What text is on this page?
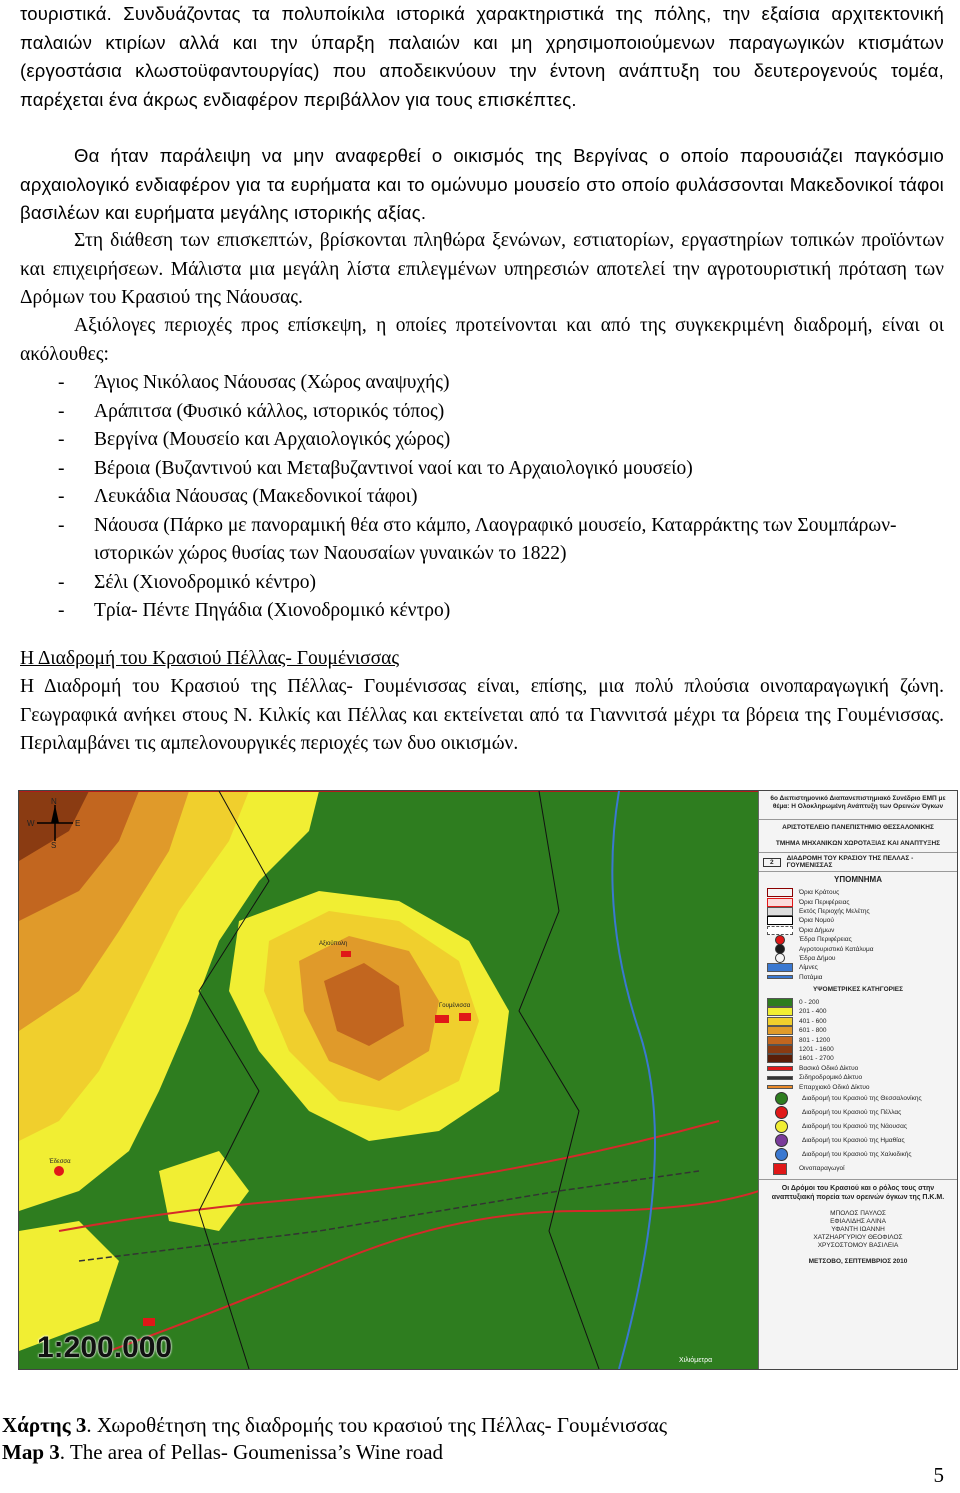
τουριστικά. Συνδυάζοντας τα πολυποίκιλα ιστορικά χαρακτηριστικά της πόλης, την εξαίσια αρχιτεκτονική παλαιών κτιρίων αλλά και την ύπαρξη παλαιών και μη χρησιμοποιούμενων παραγωγικών κτισμάτων (εργοστάσια κλωστοϋφαντουργίας) που αποδεικνύουν την έντονη ανάπτυξη του δευτερογενούς τομέα, παρέχεται ένα άκρως ενδιαφέρον περιβάλλον για τους επισκέπτες.

Θα ήταν παράλειψη να μην αναφερθεί ο οικισμός της Βεργίνας ο οποίο παρουσιάζει παγκόσμιο αρχαιολογικό ενδιαφέρον για τα ευρήματα και το ομώνυμο μουσείο στο οποίο φυλάσσονται Μακεδονικοί τάφοι βασιλέων και ευρήματα μεγάλης ιστορικής αξίας.

Στη διάθεση των επισκεπτών, βρίσκονται πληθώρα ξενώνων, εστιατορίων, εργαστηρίων τοπικών προϊόντων και επιχειρήσεων. Μάλιστα μια μεγάλη λίστα επιλεγμένων υπηρεσιών αποτελεί την αγροτουριστική πρόταση των Δρόμων του Κρασιού της Νάουσας.

Αξιόλογες περιοχές προς επίσκεψη, η οποίες προτείνονται και από της συγκεκριμένη διαδρομή, είναι οι ακόλουθες:

- Άγιος Νικόλαος Νάουσας (Χώρος αναψυχής)
- Αράπιτσα (Φυσικό κάλλος, ιστορικός τόπος)
- Βεργίνα (Μουσείο και Αρχαιολογικός χώρος)
- Βέροια (Βυζαντινού και Μεταβυζαντινοί ναοί και το Αρχαιολογικό μουσείο)
- Λευκάδια Νάουσας (Μακεδονικοί τάφοι)
- Νάουσα (Πάρκο με πανοραμική θέα στο κάμπο, Λαογραφικό μουσείο, Καταρράκτης των Σουμπάρων-ιστορικών χώρος θυσίας των Ναουσαίων γυναικών το 1822)
- Σέλι (Χιονοδρομικό κέντρο)
- Τρία- Πέντε Πηγάδια (Χιονοδρομικό κέντρο)
Η Διαδρομή του Κρασιού Πέλλας- Γουμένισσας

Η Διαδρομή του Κρασιού της Πέλλας- Γουμένισσας είναι, επίσης, μια πολύ πλούσια οινοπαραγωγική ζώνη. Γεωγραφικά ανήκει στους Ν. Κιλκίς και Πέλλας και εκτείνεται από τα Γιαννιτσά μέχρι τα βόρεια της Γουμένισσας. Περιλαμβάνει τις αμπελονουργικές περιοχές των δυο οικισμών.

N
S
W	E
Αξιούπολη
Γουμένισσα
Έδεσσα
1:200.000	Χιλιόμετρα
6ο Διεπιστημονικό Διαπανεπιστημιακό Συνέδριο ΕΜΠ με θέμα: Η Ολοκληρωμένη Ανάπτυξη των Ορεινών Όγκων
ΑΡΙΣΤΟΤΕΛΕΙΟ ΠΑΝΕΠΙΣΤΗΜΙΟ ΘΕΣΣΑΛΟΝΙΚΗΣ
ΤΜΗΜΑ ΜΗΧΑΝΙΚΩΝ ΧΩΡΟΤΑΞΙΑΣ ΚΑΙ ΑΝΑΠΤΥΞΗΣ
2	ΔΙΑΔΡΟΜΗ ΤΟΥ ΚΡΑΣΙΟΥ ΤΗΣ ΠΕΛΛΑΣ - ΓΟΥΜΕΝΙΣΣΑΣ
ΥΠΟΜΝΗΜΑ
Όρια Κράτους
Όρια Περιφέρειας
Εκτός Περιοχής Μελέτης
Όρια Νομού
Όρια Δήμων
Έδρα Περιφέρειας
Αγροτουριστικό Κατάλυμα
Έδρα Δήμου
Λίμνες
Ποτάμια
ΥΨΟΜΕΤΡΙΚΕΣ ΚΑΤΗΓΟΡΙΕΣ
0 - 200
201 - 400
401 - 600
601 - 800
801 - 1200
1201 - 1600
1601 - 2700
Βασικό Οδικό Δίκτυο
Σιδηροδρομικό Δίκτυο
Επαρχιακό Οδικό Δίκτυο
Διαδρομή του Κρασιού της Θεσσαλονίκης
Διαδρομή του Κρασιού της Πέλλας
Διαδρομή του Κρασιού της Νάουσας
Διαδρομή του Κρασιού της Ημαθίας
Διαδρομή του Κρασιού της Χαλκιδικής
Οινοπαραγωγοί
Οι Δρόμοι του Κρασιού και ο ρόλος τους στην αναπτυξιακή πορεία των ορεινών όγκων της Π.Κ.Μ.
ΜΠΟΛΟΣ ΠΑΥΛΟΣ
ΕΦΙΑΛΙΔΗΣ ΑΛΙΝΑ
ΥΦΑΝΤΗ ΙΩΑΝΝΗ
ΧΑΤΖΗΑΡΓΥΡΙΟΥ ΘΕΟΦΙΛΟΣ
ΧΡΥΣΟΣΤΟΜΟΥ ΒΑΣΙΛΕΙΑ
ΜΕΤΣΟΒΟ, ΣΕΠΤΕΜΒΡΙΟΣ 2010
Χάρτης 3. Χωροθέτηση της διαδρομής του κρασιού της Πέλλας- Γουμένισσας
Map 3. The area of Pellas- Goumenissa’s Wine road
5
